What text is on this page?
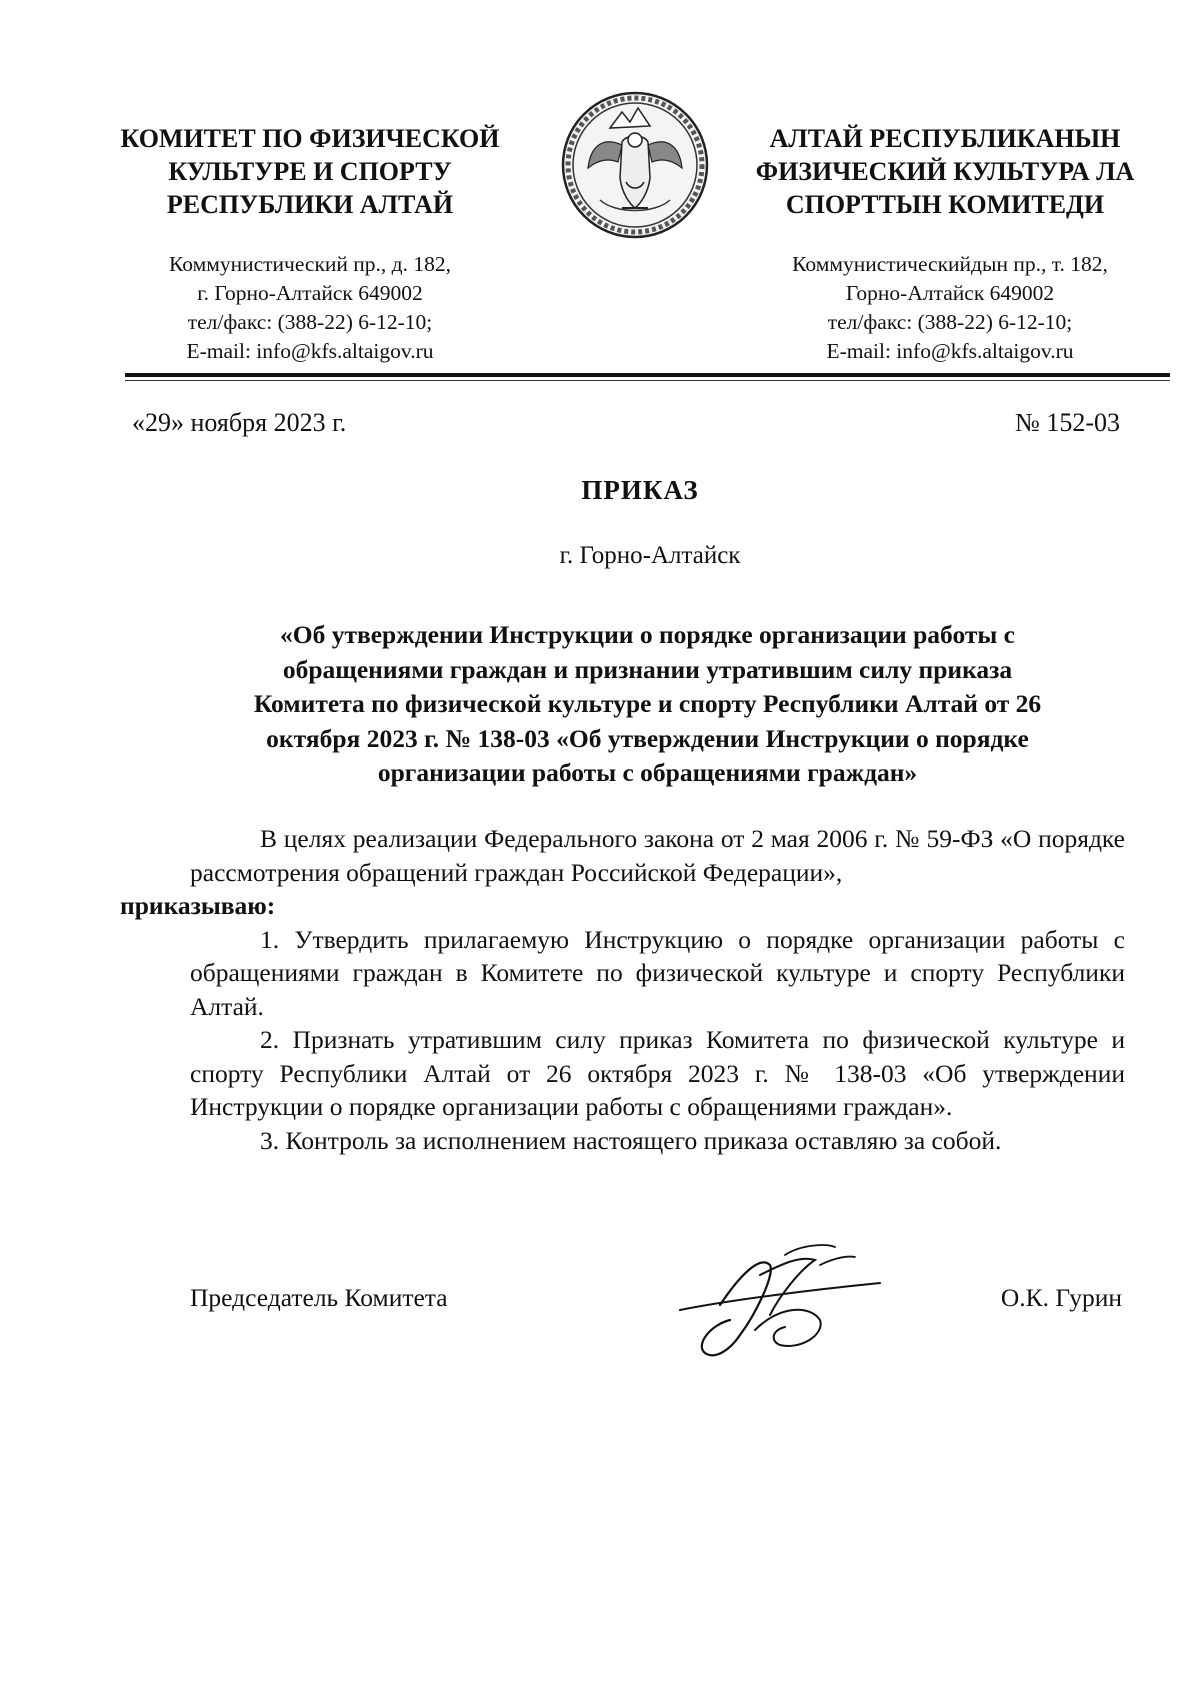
КОМИТЕТ ПО ФИЗИЧЕСКОЙ
КУЛЬТУРЕ И СПОРТУ
РЕСПУБЛИКИ АЛТАЙ
Коммунистический пр., д. 182,
г. Горно-Алтайск 649002
тел/факс: (388-22) 6-12-10;
E-mail: info@kfs.altaigov.ru
АЛТАЙ РЕСПУБЛИКАНЫН
ФИЗИЧЕСКИЙ КУЛЬТУРА ЛА
СПОРТТЫН КОМИТЕДИ
Коммунистическийдын пр., т. 182,
Горно-Алтайск 649002
тел/факс: (388-22) 6-12-10;
E-mail: info@kfs.altaigov.ru
«29» ноября 2023 г.	№ 152-03
ПРИКАЗ
г. Горно-Алтайск
«Об утверждении Инструкции о порядке организации работы с
обращениями граждан и признании утратившим силу приказа
Комитета по физической культуре и спорту Республики Алтай от 26
октября 2023 г. № 138-03 «Об утверждении Инструкции о порядке
организации работы с обращениями граждан»

В целях реализации Федерального закона от 2 мая 2006 г. № 59-ФЗ «О порядке рассмотрения обращений граждан Российской Федерации»,
приказываю:

1. Утвердить прилагаемую Инструкцию о порядке организации работы с обращениями граждан в Комитете по физической культуре и спорту Республики Алтай.

2. Признать утратившим силу приказ Комитета по физической культуре и спорту Республики Алтай от 26 октября 2023 г. № 138-03 «Об утверждении Инструкции о порядке организации работы с обращениями граждан».

3. Контроль за исполнением настоящего приказа оставляю за собой.

Председатель Комитета	О.К. Гурин
